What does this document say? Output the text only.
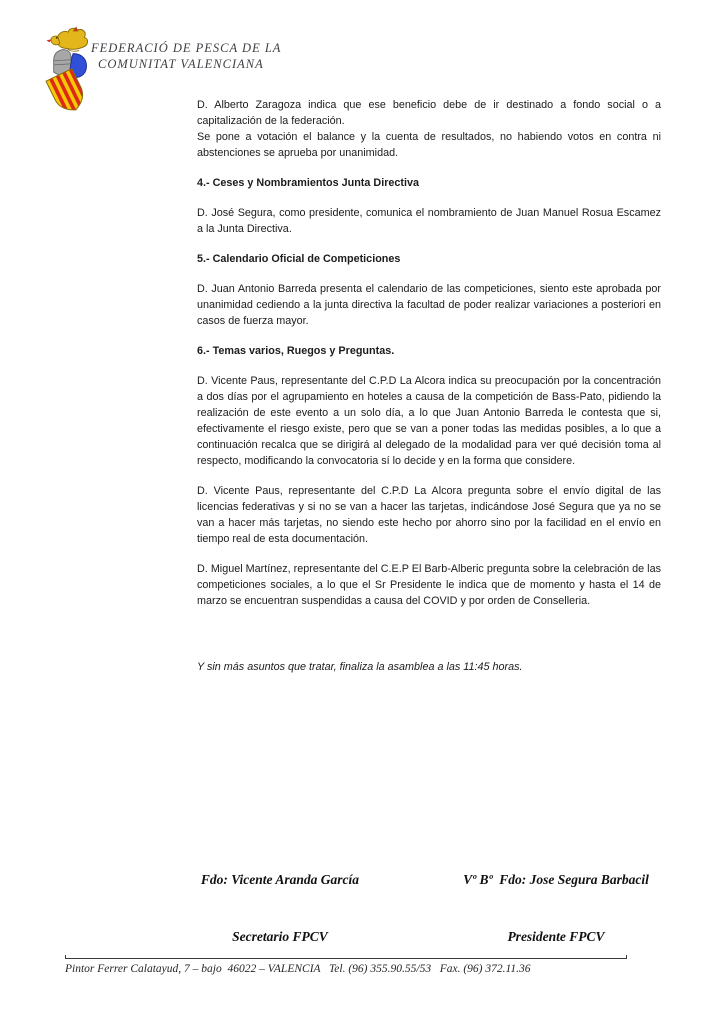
FEDERACIÓ DE PESCA DE LA
COMUNITAT VALENCIANA

D. Alberto Zaragoza indica que ese beneficio debe de ir destinado a fondo social o a capitalización de la federación.

Se pone a votación el balance y la cuenta de resultados, no habiendo votos en contra ni abstenciones se aprueba por unanimidad.

4.- Ceses y Nombramientos Junta Directiva

D. José Segura, como presidente, comunica el nombramiento de Juan Manuel Rosua Escamez a la Junta Directiva.

5.- Calendario Oficial de Competiciones

D. Juan Antonio Barreda presenta el calendario de las competiciones, siento este aprobada por unanimidad cediendo a la junta directiva la facultad de poder realizar variaciones a posteriori en casos de fuerza mayor.

6.- Temas varios, Ruegos y Preguntas.

D. Vicente Paus, representante del C.P.D La Alcora indica su preocupación por la concentración a dos días por el agrupamiento en hoteles a causa de la competición de Bass-Pato, pidiendo la realización de este evento a un solo día, a lo que Juan Antonio Barreda le contesta que si, efectivamente el riesgo existe, pero que se van a poner todas las medidas posibles, a lo que a continuación recalca que se dirigirá al delegado de la modalidad para ver qué decisión toma al respecto, modificando la convocatoria sí lo decide y en la forma que considere.

D. Vicente Paus, representante del C.P.D La Alcora pregunta sobre el envío digital de las licencias federativas y si no se van a hacer las tarjetas, indicándose José Segura que ya no se van a hacer más tarjetas, no siendo este hecho por ahorro sino por la facilidad en el envío en tiempo real de esta documentación.

D. Miguel Martínez, representante del C.E.P El Barb-Alberic pregunta sobre la celebración de las competiciones sociales, a lo que el Sr Presidente le indica que de momento y hasta el 14 de marzo se encuentran suspendidas a causa del COVID y por orden de Conselleria.

Y sin más asuntos que tratar, finaliza la asamblea a las 11:45 horas.

Fdo: Vicente Aranda García

Secretario FPCV

Vº Bº  Fdo: Jose Segura Barbacil

Presidente FPCV

Pintor Ferrer Calatayud, 7 – bajo  46022 – VALENCIA   Tel. (96) 355.90.55/53   Fax. (96) 372.11.36
